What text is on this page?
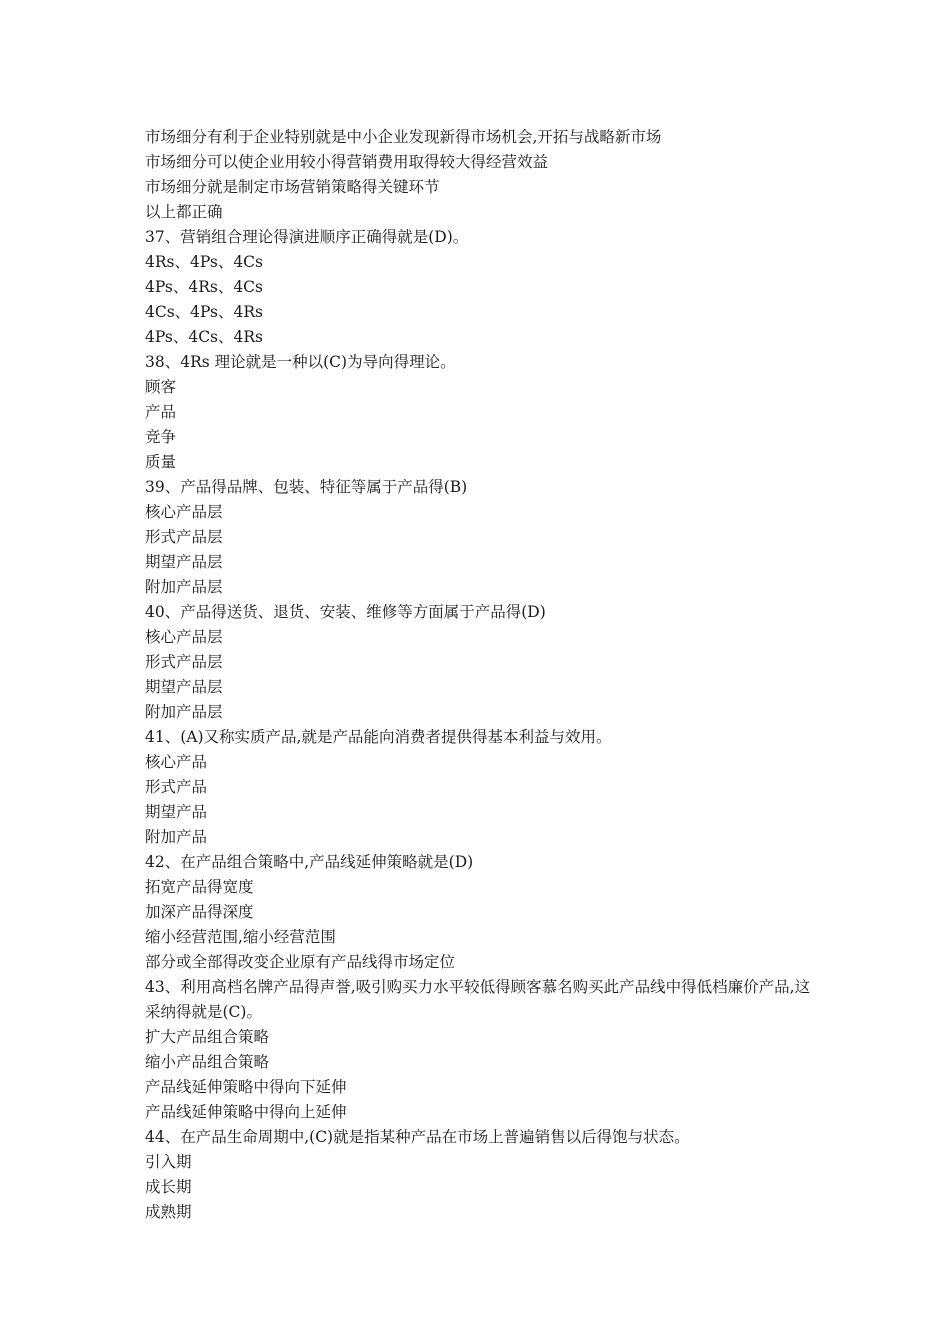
市场细分有利于企业特别就是中小企业发现新得市场机会,开拓与战略新市场
市场细分可以使企业用较小得营销费用取得较大得经营效益
市场细分就是制定市场营销策略得关键环节
以上都正确
37、营销组合理论得演进顺序正确得就是(D)。
4Rs、4Ps、4Cs
4Ps、4Rs、4Cs
4Cs、4Ps、4Rs
4Ps、4Cs、4Rs
38、4Rs 理论就是一种以(C)为导向得理论。
顾客
产品
竞争
质量
39、产品得品牌、包装、特征等属于产品得(B)
核心产品层
形式产品层
期望产品层
附加产品层
40、产品得送货、退货、安装、维修等方面属于产品得(D)
核心产品层
形式产品层
期望产品层
附加产品层
41、(A)又称实质产品,就是产品能向消费者提供得基本利益与效用。
核心产品
形式产品
期望产品
附加产品
42、在产品组合策略中,产品线延伸策略就是(D)
拓宽产品得宽度
加深产品得深度
缩小经营范围,缩小经营范围
部分或全部得改变企业原有产品线得市场定位
43、利用高档名牌产品得声誉,吸引购买力水平较低得顾客慕名购买此产品线中得低档廉价产品,这采纳得就是(C)。
扩大产品组合策略
缩小产品组合策略
产品线延伸策略中得向下延伸
产品线延伸策略中得向上延伸
44、在产品生命周期中,(C)就是指某种产品在市场上普遍销售以后得饱与状态。
引入期
成长期
成熟期
